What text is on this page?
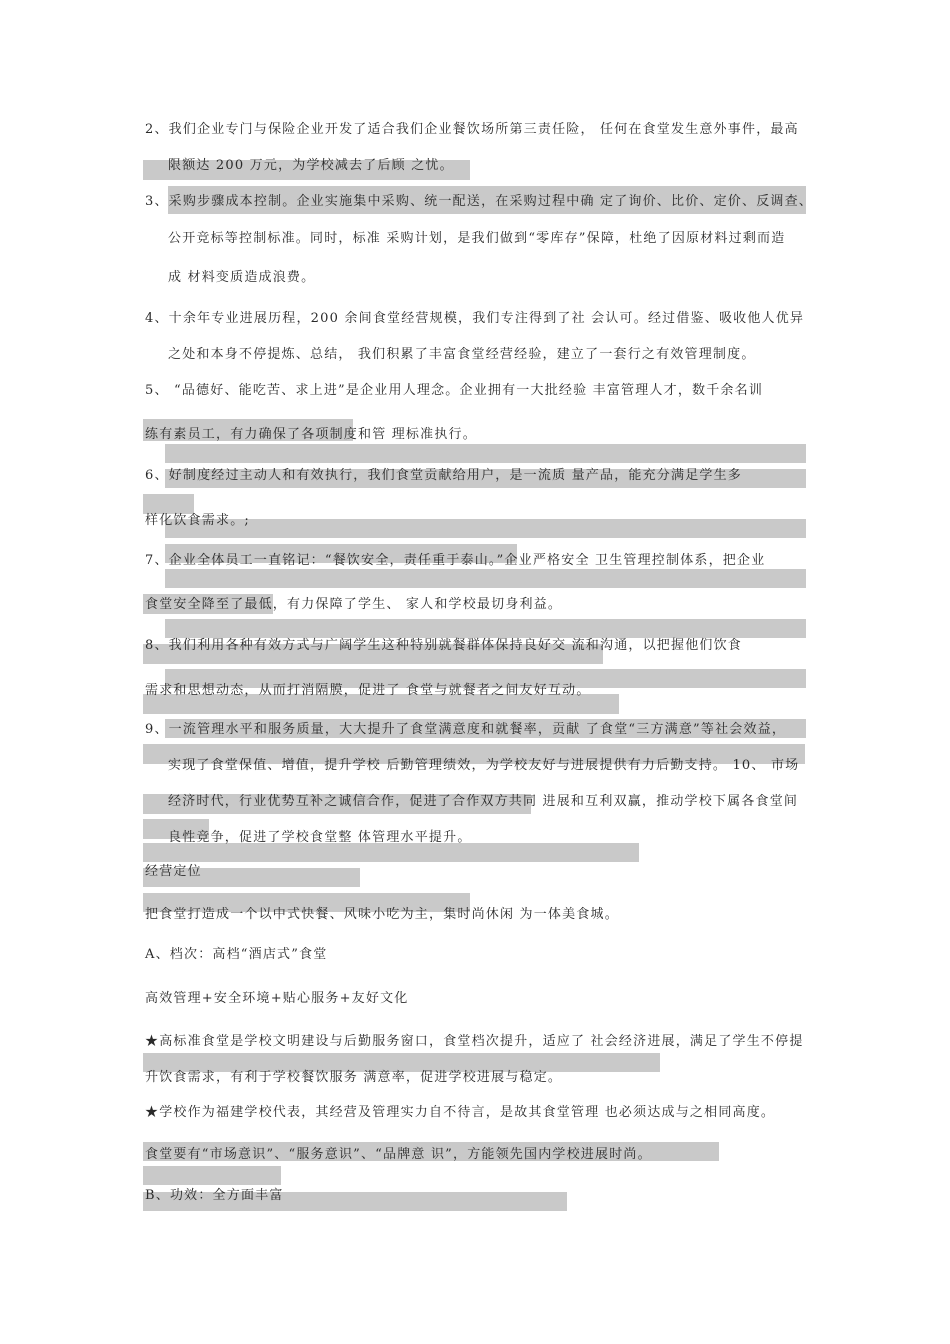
2、我们企业专门与保险企业开发了适合我们企业餐饮场所第三责任险， 任何在食堂发生意外事件，最高
限额达 200 万元，为学校减去了后顾 之忧。
3、采购步骤成本控制。企业实施集中采购、统一配送，在采购过程中确 定了询价、比价、定价、反调查、
公开竞标等控制标准。同时，标准 采购计划，是我们做到“零库存”保障，杜绝了因原材料过剩而造
成 材料变质造成浪费。
4、十余年专业进展历程，200 余间食堂经营规模，我们专注得到了社 会认可。经过借鉴、吸收他人优异
之处和本身不停提炼、总结， 我们积累了丰富食堂经营经验，建立了一套行之有效管理制度。
5、 “品德好、能吃苦、求上进”是企业用人理念。企业拥有一大批经验 丰富管理人才，数千余名训
练有素员工，有力确保了各项制度和管 理标准执行。
6、好制度经过主动人和有效执行，我们食堂贡献给用户，是一流质 量产品，能充分满足学生多
样化饮食需求。;
7、企业全体员工一直铭记：“餐饮安全，责任重于泰山。”企业严格安全 卫生管理控制体系，把企业
食堂安全降至了最低，有力保障了学生、 家人和学校最切身利益。
8、我们利用各种有效方式与广阔学生这种特别就餐群体保持良好交 流和沟通，以把握他们饮食
需求和思想动态，从而打消隔膜，促进了 食堂与就餐者之间友好互动。
9、一流管理水平和服务质量，大大提升了食堂满意度和就餐率，贡献 了食堂“三方满意”等社会效益，
实现了食堂保值、增值，提升学校 后勤管理绩效，为学校友好与进展提供有力后勤支持。 10、 市场
经济时代，行业优势互补之诚信合作，促进了合作双方共同 进展和互利双赢，推动学校下属各食堂间
良性竞争，促进了学校食堂整 体管理水平提升。
经营定位
把食堂打造成一个以中式快餐、风味小吃为主，集时尚休闲 为一体美食城。
A、档次：高档“酒店式”食堂
高效管理+安全环境+贴心服务+友好文化
★高标准食堂是学校文明建设与后勤服务窗口，食堂档次提升，适应了 社会经济进展，满足了学生不停提
升饮食需求，有利于学校餐饮服务 满意率，促进学校进展与稳定。
★学校作为福建学校代表，其经营及管理实力自不待言，是故其食堂管理 也必须达成与之相同高度。
食堂要有“市场意识”、“服务意识”、“品牌意 识”，方能领先国内学校进展时尚。
B、功效：全方面丰富
